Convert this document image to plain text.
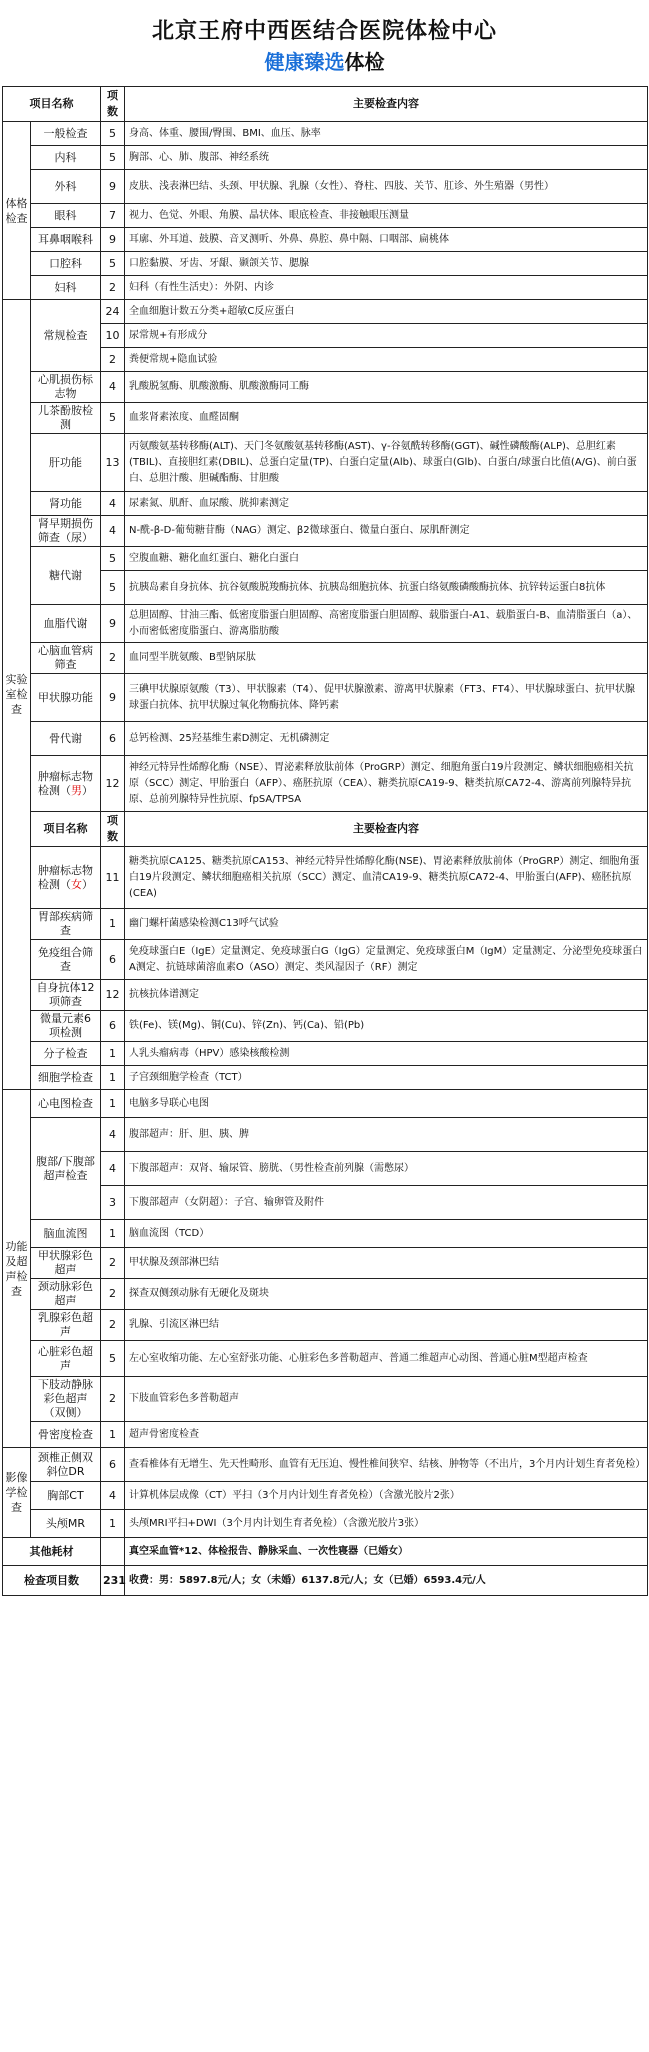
北京王府中西医结合医院体检中心
健康臻选体检
项目名称		项数	主要检查内容
体格检查	一般检查	5	身高、体重、腰围/臀围、BMI、血压、脉率
	内科	5	胸部、心、肺、腹部、神经系统
	外科	9	皮肤、浅表淋巴结、头颈、甲状腺、乳腺（女性）、脊柱、四肢、关节、肛诊、外生殖器（男性）
	眼科	7	视力、色觉、外眼、角膜、晶状体、眼底检查、非接触眼压测量
	耳鼻咽喉科	9	耳廓、外耳道、鼓膜、音叉测听、外鼻、鼻腔、鼻中隔、口咽部、扁桃体
	口腔科	5	口腔黏膜、牙齿、牙龈、颞颌关节、腮腺
	妇科	2	妇科（有性生活史）：外阴、内诊
实验室检查	常规检查	24	全血细胞计数五分类+超敏C反应蛋白
		10	尿常规+有形成分
		2	粪便常规+隐血试验
	心肌损伤标志物	4	乳酸脱氢酶、肌酸激酶、肌酸激酶同工酶
	儿茶酚胺检测	5	血浆肾素浓度、血醛固酮
	肝功能	13	丙氨酸氨基转移酶(ALT)、天门冬氨酸氨基转移酶(AST)、γ-谷氨酰转移酶(GGT)、碱性磷酸酶(ALP)、总胆红素(TBIL)、直接胆红素(DBIL)、总蛋白定量(TP)、白蛋白定量(Alb)、球蛋白(Glb)、白蛋白/球蛋白比值(A/G)、前白蛋白、总胆汁酸、胆碱酯酶、甘胆酸
	肾功能	4	尿素氮、肌酐、血尿酸、胱抑素测定
	肾早期损伤筛查（尿）	4	N-酰-β-D-葡萄糖苷酶（NAG）测定、β2微球蛋白、微量白蛋白、尿肌酐测定
	糖代谢	5	空腹血糖、糖化血红蛋白、糖化白蛋白
		5	抗胰岛素自身抗体、抗谷氨酸脱羧酶抗体、抗胰岛细胞抗体、抗蛋白络氨酸磷酸酶抗体、抗锌转运蛋白8抗体
	血脂代谢	9	总胆固醇、甘油三酯、低密度脂蛋白胆固醇、高密度脂蛋白胆固醇、载脂蛋白-A1、载脂蛋白-B、血清脂蛋白（a）、小而密低密度脂蛋白、游离脂肪酸
	心脑血管病筛查	2	血同型半胱氨酸、B型钠尿肽
	甲状腺功能	9	三碘甲状腺原氨酸（T3）、甲状腺素（T4）、促甲状腺激素、游离甲状腺素（FT3、FT4）、甲状腺球蛋白、抗甲状腺球蛋白抗体、抗甲状腺过氧化物酶抗体、降钙素
	骨代谢	6	总钙检测、25羟基维生素D测定、无机磷测定
	肿瘤标志物检测（男）	12	神经元特异性烯醇化酶（NSE）、胃泌素释放肽前体（ProGRP）测定、细胞角蛋白19片段测定、鳞状细胞癌相关抗原（SCC）测定、甲胎蛋白（AFP）、癌胚抗原（CEA）、糖类抗原CA19-9、糖类抗原CA72-4、游离前列腺特异抗原、总前列腺特异性抗原、fpSA/TPSA
	项目名称	项数	主要检查内容
	肿瘤标志物检测（女）	11	糖类抗原CA125、糖类抗原CA153、神经元特异性烯醇化酶(NSE)、胃泌素释放肽前体（ProGRP）测定、细胞角蛋白19片段测定、鳞状细胞癌相关抗原（SCC）测定、血清CA19-9、糖类抗原CA72-4、甲胎蛋白(AFP)、癌胚抗原(CEA)
	胃部疾病筛查	1	幽门螺杆菌感染检测C13呼气试验
	免疫组合筛查	6	免疫球蛋白E（IgE）定量测定、免疫球蛋白G（IgG）定量测定、免疫球蛋白M（IgM）定量测定、分泌型免疫球蛋白A测定、抗链球菌溶血素O（ASO）测定、类风湿因子（RF）测定
	自身抗体12项筛查	12	抗核抗体谱测定
	微量元素6项检测	6	铁(Fe)、镁(Mg)、铜(Cu)、锌(Zn)、钙(Ca)、铅(Pb)
	分子检查	1	人乳头瘤病毒（HPV）感染核酸检测
	细胞学检查	1	子宫颈细胞学检查（TCT）
功能及超声检查	心电图检查	1	电脑多导联心电图
	腹部/下腹部超声检查	4	腹部超声：肝、胆、胰、脾
		4	下腹部超声：双肾、输尿管、膀胱、（男性检查前列腺（需憋尿）
		3	下腹部超声（女阴超）：子宫、输卵管及附件
	脑血流图	1	脑血流图（TCD）
	甲状腺彩色超声	2	甲状腺及颈部淋巴结
	颈动脉彩色超声	2	探查双侧颈动脉有无硬化及斑块
	乳腺彩色超声	2	乳腺、引流区淋巴结
	心脏彩色超声	5	左心室收缩功能、左心室舒张功能、心脏彩色多普勒超声、普通二维超声心动图、普通心脏M型超声检查
	下肢动静脉彩色超声（双侧）	2	下肢血管彩色多普勒超声
	骨密度检查	1	超声骨密度检查
影像学检查	颈椎正侧双斜位DR	6	查看椎体有无增生、先天性畸形、血管有无压迫、慢性椎间狭窄、结核、肿物等（不出片，3个月内计划生育者免检）
	胸部CT	4	计算机体层成像（CT）平扫（3个月内计划生育者免检）（含激光胶片2张）
	头颅MR	1	头颅MRI平扫+DWI（3个月内计划生育者免检）（含激光胶片3张）
其他耗材			真空采血管*12、体检报告、静脉采血、一次性寝器（已婚女）
检查项目数		231	收费：男：5897.8元/人；女（未婚）6137.8元/人；女（已婚）6593.4元/人
